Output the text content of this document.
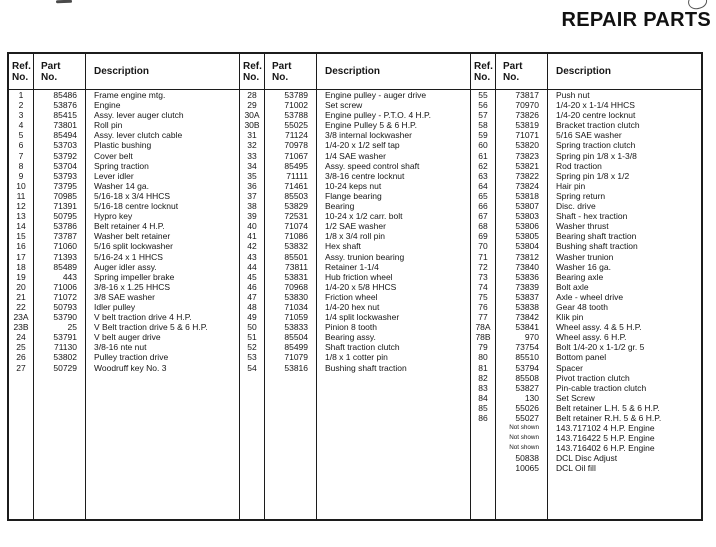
REPAIR PARTS
Ref.
No.
1
2
3
4
5
6
7
8
9
10
11
12
13
14
15
16
17
18
19
20
21
22
23A
23B
24
25
26
27
Part
No.
85486
53876
85415
73801
85494
53703
53792
53704
53793
73795
70985
71391
50795
53786
73787
71060
71393
85489
443
71006
71072
50793
53790
25
53791
71130
53802
50729
Description
Frame engine mtg.
Engine
Assy. lever auger clutch
Roll pin
Assy. lever clutch cable
Plastic bushing
Cover belt
Spring traction
Lever idler
Washer 14 ga.
5/16-18 x 3/4 HHCS
5/16-18 centre locknut
Hypro key
Belt retainer 4 H.P.
Washer belt retainer
5/16 split lockwasher
5/16-24 x 1 HHCS
Auger idler assy.
Spring impeller brake
3/8-16 x 1.25 HHCS
3/8 SAE washer
Idler pulley
V belt traction drive 4 H.P.
V Belt traction drive 5 & 6 H.P.
V belt auger drive
3/8-16 nte nut
Pulley traction drive
Woodruff key No. 3
Ref.
No.
28
29
30A
30B
31
32
33
34
35
36
37
38
39
40
41
42
43
44
45
46
47
48
49
50
51
52
53
54
Part
No.
53789
71002
53788
55025
71124
70978
71067
85495
71111
71461
85503
53829
72531
71074
71086
53832
85501
73811
53831
70968
53830
71034
71059
53833
85504
85499
71079
53816
Description
Engine pulley - auger drive
Set screw
Engine pulley - P.T.O. 4 H.P.
Engine Pulley 5 & 6 H.P.
3/8 internal lockwasher
1/4-20 x 1/2 self tap
1/4 SAE washer
Assy. speed control shaft
3/8-16 centre locknut
10-24 keps nut
Flange bearing
Bearing
10-24 x 1/2 carr. bolt
1/2 SAE washer
1/8 x 3/4 roll pin
Hex shaft
Assy. trunion bearing
Retainer 1-1/4
Hub friction wheel
1/4-20 x 5/8 HHCS
Friction wheel
1/4-20 hex nut
1/4 split lockwasher
Pinion 8 tooth
Bearing assy.
Shaft traction clutch
1/8 x 1 cotter pin
Bushing shaft traction
Ref.
No.
55
56
57
58
59
60
61
62
63
64
65
66
67
68
69
70
71
72
73
74
75
76
77
78A
78B
79
80
81
82
83
84
85
86
Part
No.
73817
70970
73826
53819
71071
53820
73823
53821
73822
73824
53818
53807
53803
53806
53805
53804
73812
73840
53836
73839
53837
53838
73842
53841
970
73754
85510
53794
85508
53827
130
55026
55027
Not shown
Not shown
Not shown
50838
10065
Description
Push nut
1/4-20 x 1-1/4 HHCS
1/4-20 centre locknut
Bracket traction clutch
5/16 SAE washer
Spring traction clutch
Spring pin 1/8 x 1-3/8
Rod traction
Spring pin 1/8 x 1/2
Hair pin
Spring return
Disc. drive
Shaft - hex traction
Washer thrust
Bearing shaft traction
Bushing shaft traction
Washer trunion
Washer 16 ga.
Bearing axle
Bolt axle
Axle - wheel drive
Gear 48 tooth
Klik pin
Wheel assy. 4 & 5 H.P.
Wheel assy. 6 H.P.
Bolt 1/4-20 x 1-1/2 gr. 5
Bottom panel
Spacer
Pivot traction clutch
Pin-cable traction clutch
Set Screw
Belt retainer L.H. 5 & 6 H.P.
Belt retainer R.H. 5 & 6 H.P.
143.717102 4 H.P. Engine
143.716422 5 H.P. Engine
143.716402 6 H.P. Engine
DCL Disc Adjust
DCL Oil fill
